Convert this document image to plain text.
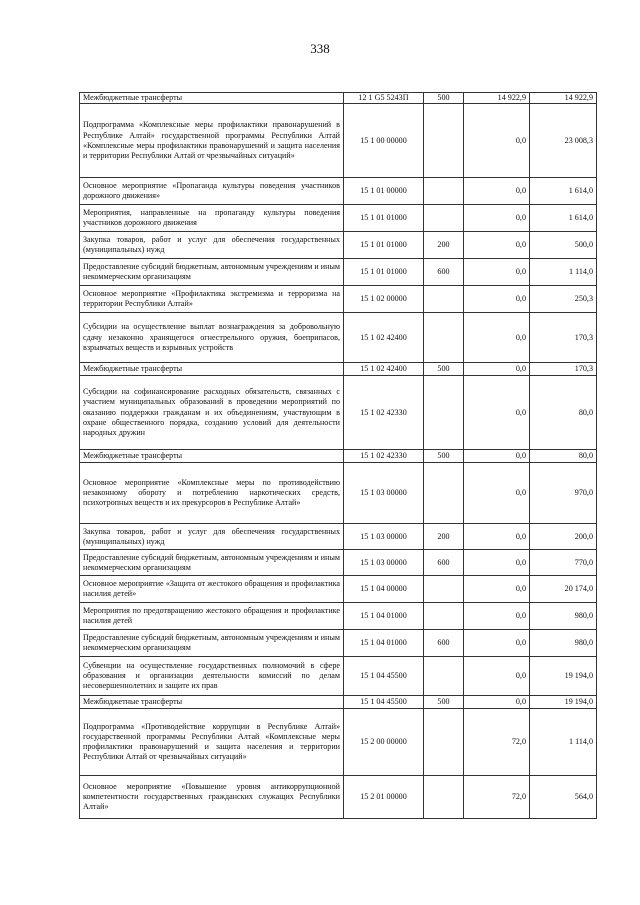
338
Межбюджетные трансферты	12 1 G5 5243П	500	14 922,9	14 922,9
Подпрограмма «Комплексные меры профилактики правонарушений в Республике Алтай» государственной программы Республики Алтай «Комплексные меры профилактики правонарушений и защита населения и территории Республики Алтай от чрезвычайных ситуаций»	15 1 00 00000		0,0	23 008,3
Основное мероприятие «Пропаганда культуры поведения участников дорожного движения»	15 1 01 00000		0,0	1 614,0
Мероприятия, направленные на пропаганду культуры поведения участников дорожного движения	15 1 01 01000		0,0	1 614,0
Закупка товаров, работ и услуг для обеспечения государственных (муниципальных) нужд	15 1 01 01000	200	0,0	500,0
Предоставление субсидий бюджетным, автономным учреждениям и иным некоммерческим организациям	15 1 01 01000	600	0,0	1 114,0
Основное мероприятие «Профилактика экстремизма и терроризма на территории Республики Алтай»	15 1 02 00000		0,0	250,3
Субсидии на осуществление выплат вознаграждения за добровольную сдачу незаконно хранящегося огнестрельного оружия, боеприпасов, взрывчатых веществ и взрывных устройств	15 1 02 42400		0,0	170,3
Межбюджетные трансферты	15 1 02 42400	500	0,0	170,3
Субсидии на софинансирование расходных обязательств, связанных с участием муниципальных образований в проведении мероприятий по оказанию поддержки гражданам и их объединениям, участвующим в охране общественного порядка, созданию условий для деятельности народных дружин	15 1 02 42330		0,0	80,0
Межбюджетные трансферты	15 1 02 42330	500	0,0	80,0
Основное мероприятие «Комплексные меры по противодействию незаконному обороту и потреблению наркотических средств, психотропных веществ и их прекурсоров в Республике Алтай»	15 1 03 00000		0,0	970,0
Закупка товаров, работ и услуг для обеспечения государственных (муниципальных) нужд	15 1 03 00000	200	0,0	200,0
Предоставление субсидий бюджетным, автономным учреждениям и иным некоммерческим организациям	15 1 03 00000	600	0,0	770,0
Основное мероприятие «Защита от жестокого обращения и профилактика насилия детей»	15 1 04 00000		0,0	20 174,0
Мероприятия по предотвращению жестокого обращения и профилактике насилия детей	15 1 04 01000		0,0	980,0
Предоставление субсидий бюджетным, автономным учреждениям и иным некоммерческим организациям	15 1 04 01000	600	0,0	980,0
Субвенции на осуществление государственных полномочий в сфере образования и организации деятельности комиссий по делам несовершеннолетних и защите их прав	15 1 04 45500		0,0	19 194,0
Межбюджетные трансферты	15 1 04 45500	500	0,0	19 194,0
Подпрограмма «Противодействие коррупции в Республике Алтай» государственной программы Республики Алтай «Комплексные меры профилактики правонарушений и защита населения и территории Республики Алтай от чрезвычайных ситуаций»	15 2 00 00000		72,0	1 114,0
Основное мероприятие «Повышение уровня антикоррупционной компетентности государственных гражданских служащих Республики Алтай»	15 2 01 00000		72,0	564,0
